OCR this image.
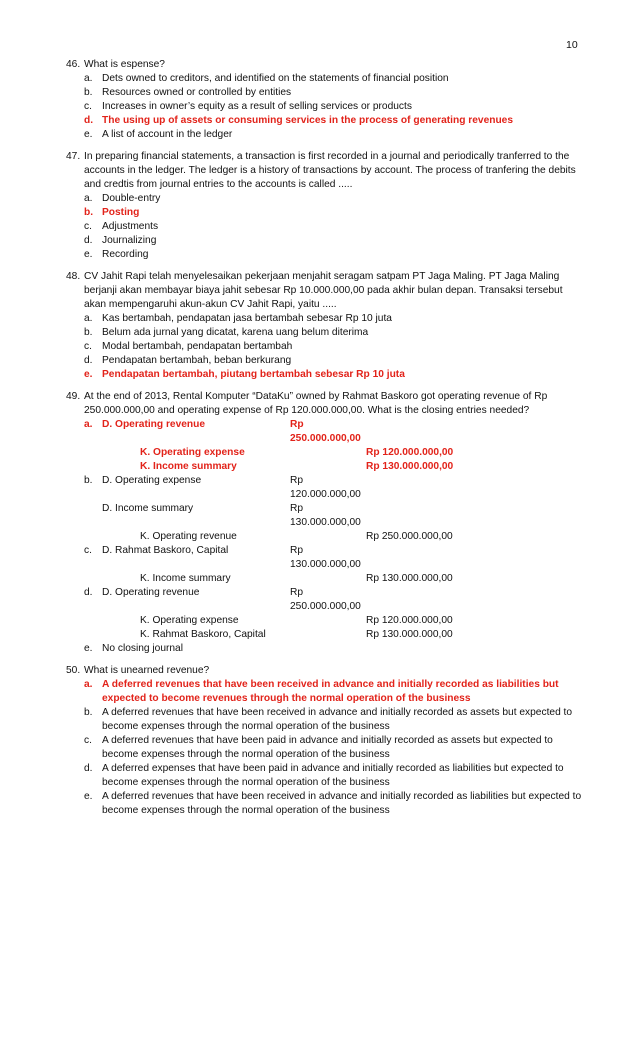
10
46. What is espense?
a. Dets owned to creditors, and identified on the statements of financial position
b. Resources owned or controlled by entities
c. Increases in owner’s equity as a result of selling services or products
d. The using up of assets or consuming services in the process of generating revenues
e. A list of account in the ledger
47. In preparing financial statements, a transaction is first recorded in a journal and periodically tranferred to the accounts in the ledger. The ledger is a history of transactions by account. The process of tranfering the debits and credtis from journal entries to the accounts is called .....
a. Double-entry
b. Posting
c. Adjustments
d. Journalizing
e. Recording
48. CV Jahit Rapi telah menyelesaikan pekerjaan menjahit seragam satpam PT Jaga Maling. PT Jaga Maling berjanji akan membayar biaya jahit sebesar Rp 10.000.000,00 pada akhir bulan depan. Transaksi tersebut akan mempengaruhi akun-akun CV Jahit Rapi, yaitu .....
a. Kas bertambah, pendapatan jasa bertambah sebesar Rp 10 juta
b. Belum ada jurnal yang dicatat, karena uang belum diterima
c. Modal bertambah, pendapatan bertambah
d. Pendapatan bertambah, beban berkurang
e. Pendapatan bertambah, piutang bertambah sebesar Rp 10 juta
49. At the end of 2013, Rental Komputer “DataKu” owned by Rahmat Baskoro got operating revenue of Rp 250.000.000,00 and operating expense of Rp 120.000.000,00. What is the closing entries needed?
a. D. Operating revenue	Rp 250.000.000,00
K. Operating expense	Rp 120.000.000,00
K. Income summary	Rp 130.000.000,00
b. D. Operating expense	Rp 120.000.000,00
D. Income summary	Rp 130.000.000,00
K. Operating revenue	Rp 250.000.000,00
c. D. Rahmat Baskoro, Capital	Rp 130.000.000,00
K. Income summary	Rp 130.000.000,00
d. D. Operating revenue	Rp 250.000.000,00
K. Operating expense	Rp 120.000.000,00
K. Rahmat Baskoro, Capital	Rp 130.000.000,00
e. No closing journal
50. What is unearned revenue?
a. A deferred revenues that have been received in advance and initially recorded as liabilities but expected to become revenues through the normal operation of the business
b. A deferred revenues that have been received in advance and initially recorded as assets but expected to become expenses through the normal operation of the business
c. A deferred revenues that have been paid in advance and initially recorded as assets but expected to become expenses through the normal operation of the business
d. A deferred expenses that have been paid in advance and initially recorded as liabilities but expected to become expenses through the normal operation of the business
e. A deferred revenues that have been received in advance and initially recorded as liabilities but expected to become expenses through the normal operation of the business
